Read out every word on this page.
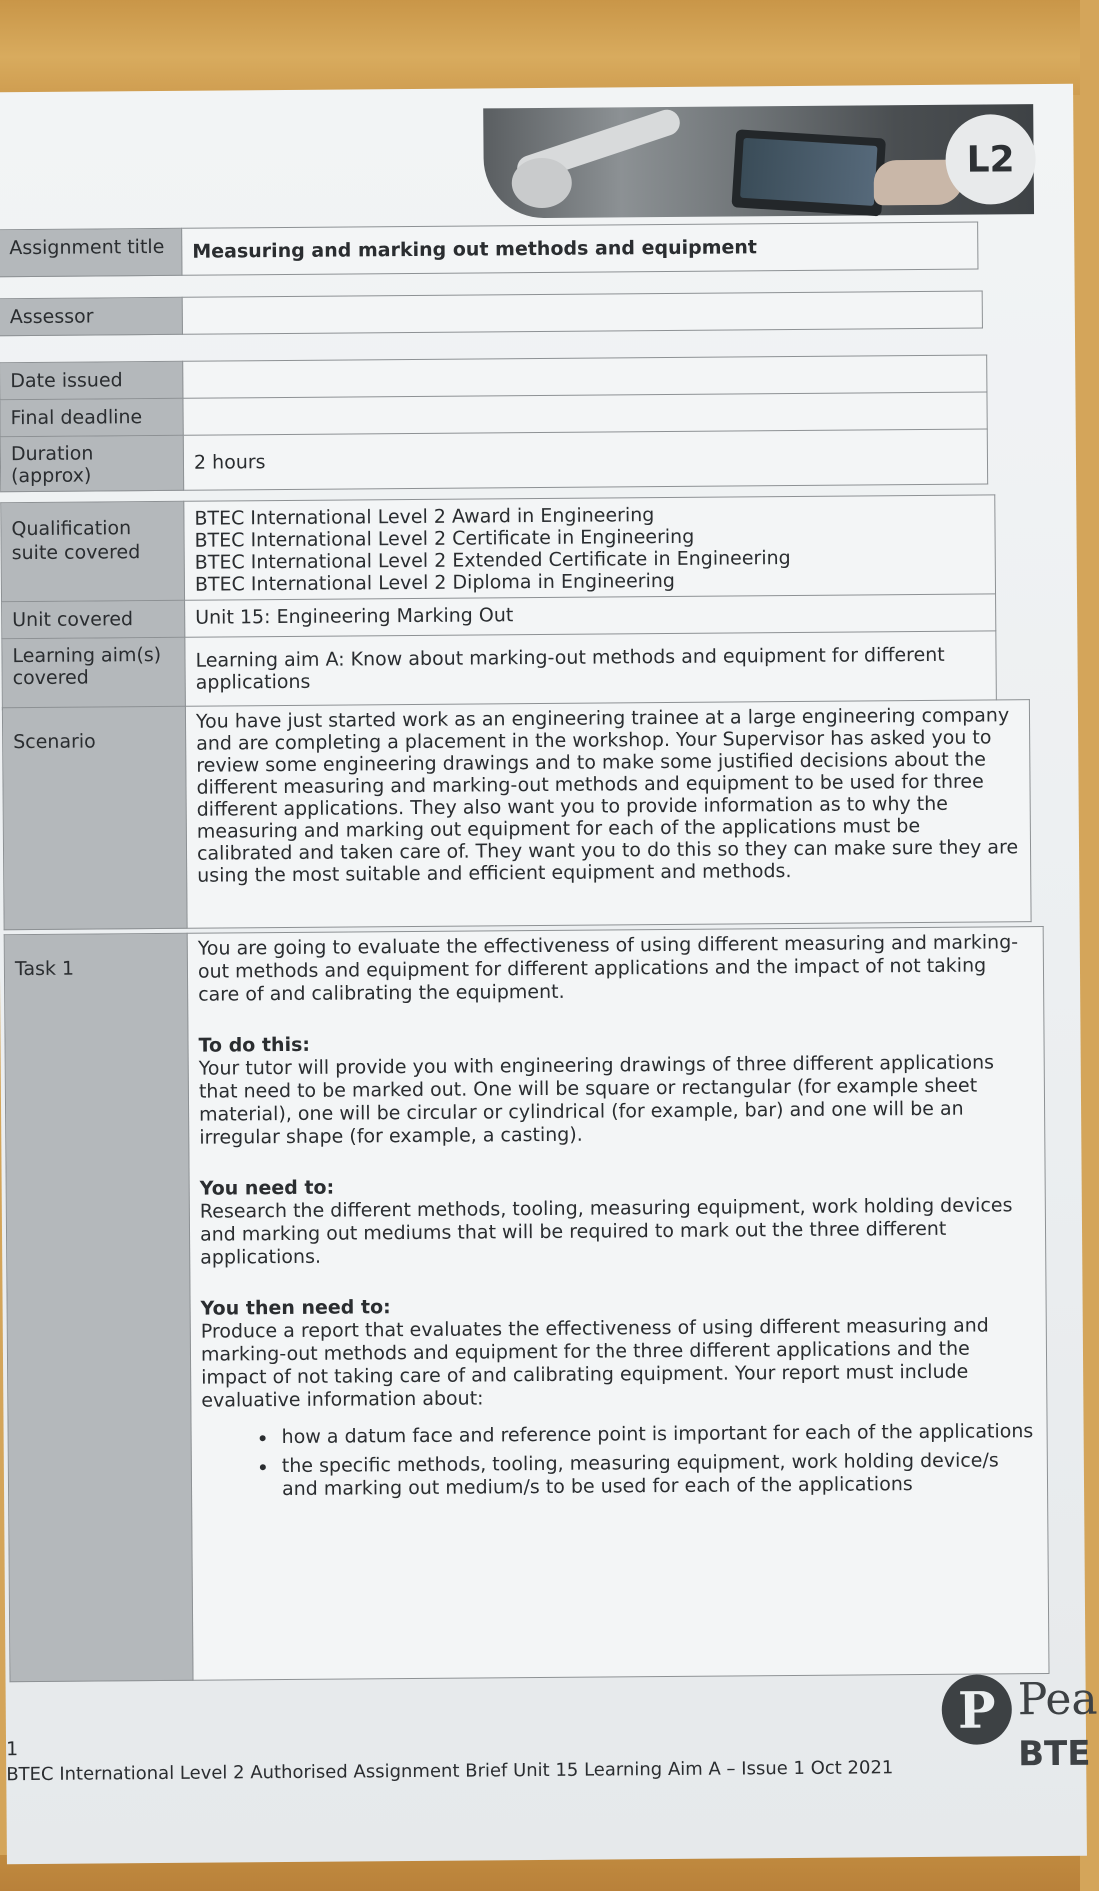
L2
Assignment title	Measuring and marking out methods and equipment
Assessor	
Date issued	
Final deadline	
Duration (approx)	2 hours
Qualification suite covered	BTEC International Level 2 Award in Engineering
BTEC International Level 2 Certificate in Engineering
BTEC International Level 2 Extended Certificate in Engineering
BTEC International Level 2 Diploma in Engineering

Unit covered	Unit 15: Engineering Marking Out
Learning aim(s) covered	Learning aim A: Know about marking-out methods and equipment for different applications
Scenario	You have just started work as an engineering trainee at a large engineering company and are completing a placement in the workshop. Your Supervisor has asked you to review some engineering drawings and to make some justified decisions about the different measuring and marking-out methods and equipment to be used for three different applications. They also want you to provide information as to why the measuring and marking out equipment for each of the applications must be calibrated and taken care of. They want you to do this so they can make sure they are using the most suitable and efficient equipment and methods.
Task 1	

You are going to evaluate the effectiveness of using different measuring and marking-out methods and equipment for different applications and the impact of not taking care of and calibrating the equipment.

To do this:

Your tutor will provide you with engineering drawings of three different applications that need to be marked out. One will be square or rectangular (for example sheet material), one will be circular or cylindrical (for example, bar) and one will be an irregular shape (for example, a casting).

You need to:

Research the different methods, tooling, measuring equipment, work holding devices and marking out mediums that will be required to mark out the three different applications.

You then need to:

Produce a report that evaluates the effectiveness of using different measuring and marking-out methods and equipment for the three different applications and the impact of not taking care of and calibrating equipment. Your report must include evaluative information about:

• how a datum face and reference point is important for each of the applications
• the specific methods, tooling, measuring equipment, work holding device/s and marking out medium/s to be used for each of the applications
1
BTEC International Level 2 Authorised Assignment Brief Unit 15 Learning Aim A – Issue 1 Oct 2021
P Pea
BTE
